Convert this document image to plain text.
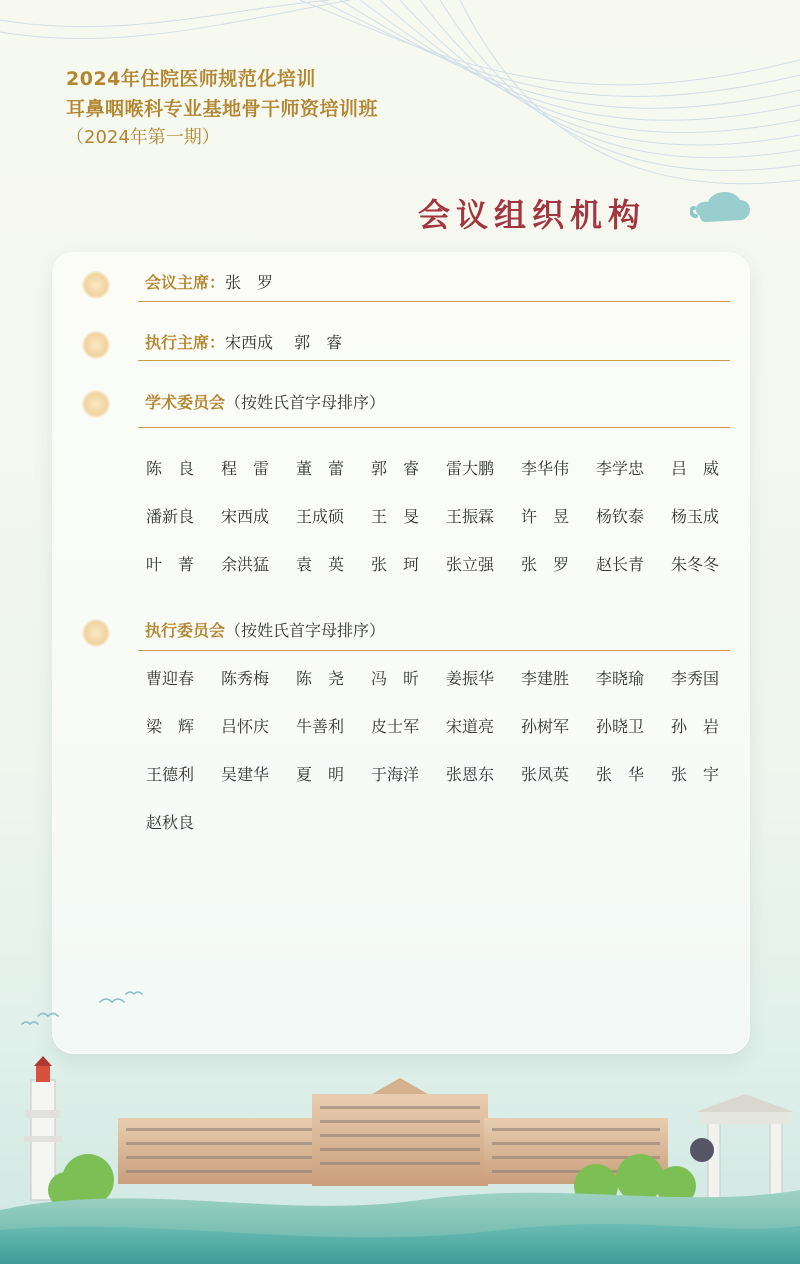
2024年住院医师规范化培训
耳鼻咽喉科专业基地骨干师资培训班
（2024年第一期）
会议组织机构
会议主席：张　罗
执行主席：宋西成　 郭　睿
学术委员会（按姓氏首字母排序）
陈　良	程　雷	董　蕾	郭　睿	雷大鹏	李华伟	李学忠	吕　威
潘新良	宋西成	王成硕	王　旻	王振霖	许　昱	杨钦泰	杨玉成
叶　菁	余洪猛	袁　英	张　珂	张立强	张　罗	赵长青	朱冬冬
执行委员会（按姓氏首字母排序）
曹迎春	陈秀梅	陈　尧	冯　昕	姜振华	李建胜	李晓瑜	李秀国
梁　辉	吕怀庆	牛善利	皮士军	宋道亮	孙树军	孙晓卫	孙　岩
王德利	吴建华	夏　明	于海洋	张恩东	张凤英	张　华	张　宇
赵秋良
